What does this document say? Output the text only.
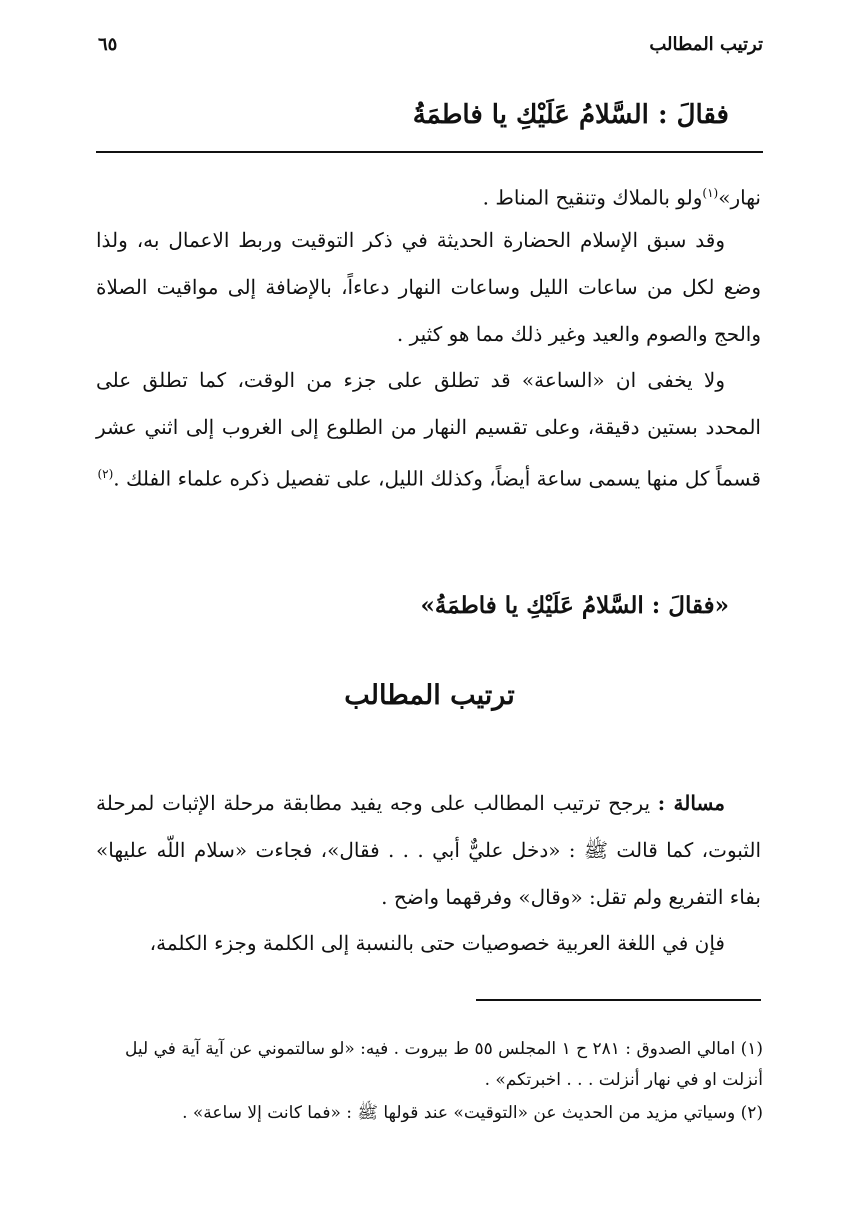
ترتيب المطالب
٦٥
فقالَ : السَّلامُ عَلَيْكِ يا فاطمَةُ
نهار»$^{(١)}$ولو بالملاك وتنقيح المناط .
وقد سبق الإسلام الحضارة الحديثة في ذكر التوقيت وربط الاعمال به، ولذا وضع لكل من ساعات الليل وساعات النهار دعاءاً، بالإضافة إلى مواقيت الصلاة والحج والصوم والعيد وغير ذلك مما هو كثير .
ولا يخفى ان «الساعة» قد تطلق على جزء من الوقت، كما تطلق على المحدد بستين دقيقة، وعلى تقسيم النهار من الطلوع إلى الغروب إلى اثني عشر قسماً كل منها يسمى ساعة أيضاً، وكذلك الليل، على تفصيل ذكره علماء الفلك .$^{(٢)}$
«فقالَ : السَّلامُ عَلَيْكِ يا فاطمَةُ»
ترتيب المطالب
مسالة : يرجح ترتيب المطالب على وجه يفيد مطابقة مرحلة الإثبات لمرحلة الثبوت، كما قالت ﷺ : «دخل عليٌّ أبي . . . فقال»، فجاءت «سلام اللّه عليها» بفاء التفريع ولم تقل: «وقال» وفرقهما واضح .
فإن في اللغة العربية خصوصيات حتى بالنسبة إلى الكلمة وجزء الكلمة،
(١) امالي الصدوق : ٢٨١ ح ١ المجلس ٥٥ ط بيروت . فيه: «لو سالتموني عن آية آية في ليل أنزلت او في نهار أنزلت . . . اخبرتكم» .
(٢) وسياتي مزيد من الحديث عن «التوقيت» عند قولها ﷺ : «فما كانت إلا ساعة» .
